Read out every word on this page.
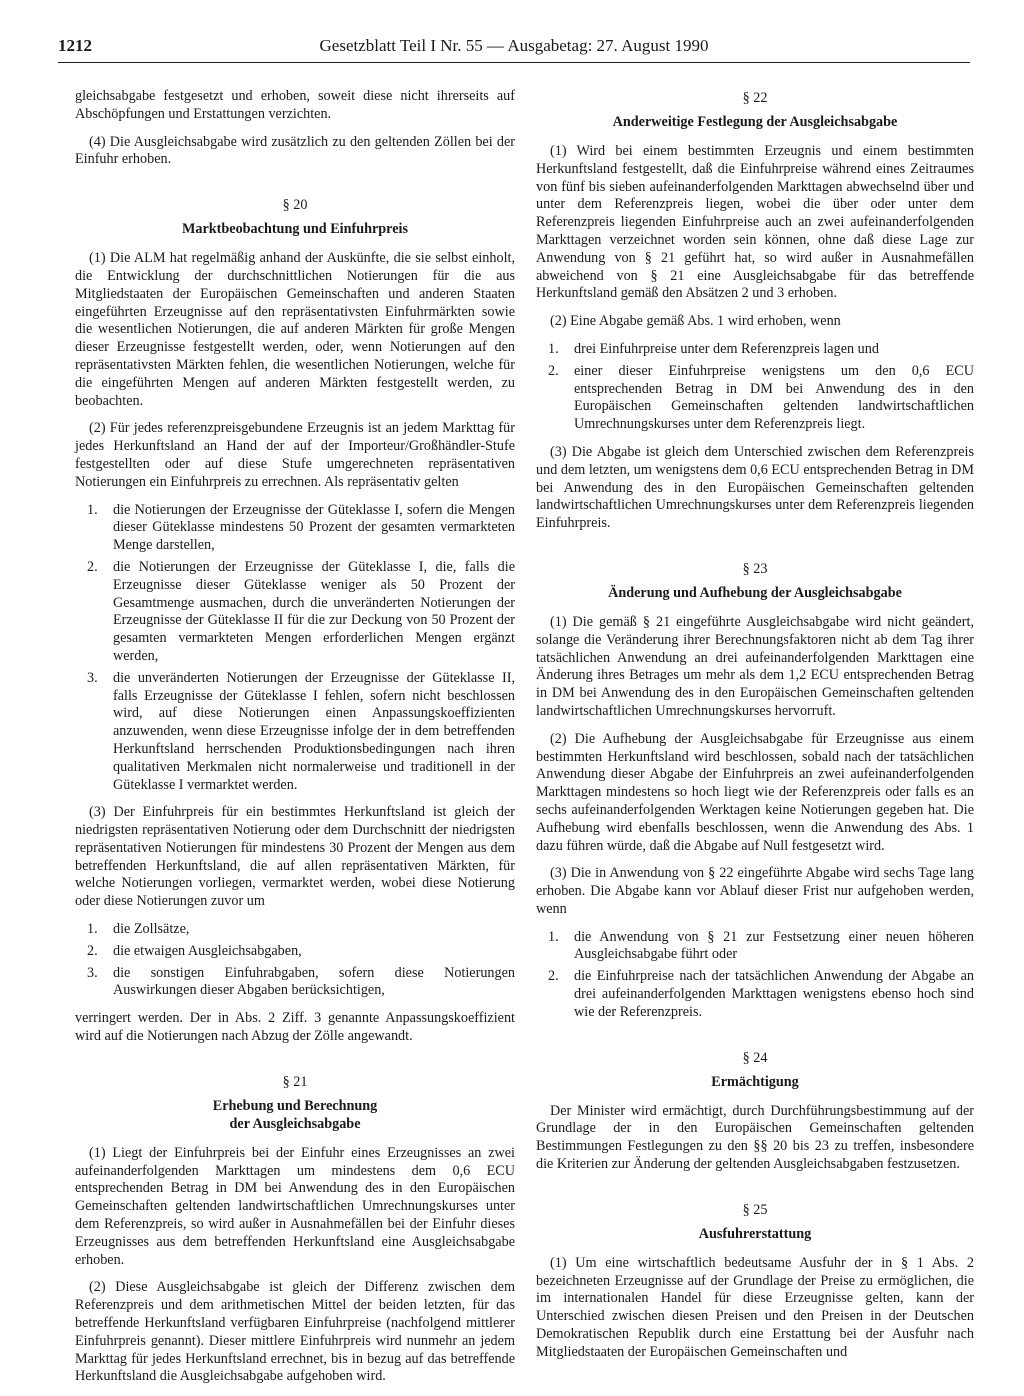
1212	Gesetzblatt Teil I Nr. 55 — Ausgabetag: 27. August 1990

gleichsabgabe festgesetzt und erhoben, soweit diese nicht ihrerseits auf Abschöpfungen und Erstattungen verzichten.

(4) Die Ausgleichsabgabe wird zusätzlich zu den geltenden Zöllen bei der Einfuhr erhoben.

§ 20
Marktbeobachtung und Einfuhrpreis

(1) Die ALM hat regelmäßig anhand der Auskünfte, die sie selbst einholt, die Entwicklung der durchschnittlichen Notierungen für die aus Mitgliedstaaten der Europäischen Gemeinschaften und anderen Staaten eingeführten Erzeugnisse auf den repräsentativsten Einfuhrmärkten sowie die wesentlichen Notierungen, die auf anderen Märkten für große Mengen dieser Erzeugnisse festgestellt werden, oder, wenn Notierungen auf den repräsentativsten Märkten fehlen, die wesentlichen Notierungen, welche für die eingeführten Mengen auf anderen Märkten festgestellt werden, zu beobachten.

(2) Für jedes referenzpreisgebundene Erzeugnis ist an jedem Markttag für jedes Herkunftsland an Hand der auf der Importeur/Großhändler-Stufe festgestellten oder auf diese Stufe umgerechneten repräsentativen Notierungen ein Einfuhrpreis zu errechnen. Als repräsentativ gelten

1. die Notierungen der Erzeugnisse der Güteklasse I, sofern die Mengen dieser Güteklasse mindestens 50 Prozent der gesamten vermarkteten Menge darstellen,
2. die Notierungen der Erzeugnisse der Güteklasse I, die, falls die Erzeugnisse dieser Güteklasse weniger als 50 Prozent der Gesamtmenge ausmachen, durch die unveränderten Notierungen der Erzeugnisse der Güteklasse II für die zur Deckung von 50 Prozent der gesamten vermarkteten Mengen erforderlichen Mengen ergänzt werden,
3. die unveränderten Notierungen der Erzeugnisse der Güteklasse II, falls Erzeugnisse der Güteklasse I fehlen, sofern nicht beschlossen wird, auf diese Notierungen einen Anpassungskoeffizienten anzuwenden, wenn diese Erzeugnisse infolge der in dem betreffenden Herkunftsland herrschenden Produktionsbedingungen nach ihren qualitativen Merkmalen nicht normalerweise und traditionell in der Güteklasse I vermarktet werden.

(3) Der Einfuhrpreis für ein bestimmtes Herkunftsland ist gleich der niedrigsten repräsentativen Notierung oder dem Durchschnitt der niedrigsten repräsentativen Notierungen für mindestens 30 Prozent der Mengen aus dem betreffenden Herkunftsland, die auf allen repräsentativen Märkten, für welche Notierungen vorliegen, vermarktet werden, wobei diese Notierung oder diese Notierungen zuvor um

1. die Zollsätze,
2. die etwaigen Ausgleichsabgaben,
3. die sonstigen Einfuhrabgaben, sofern diese Notierungen Auswirkungen dieser Abgaben berücksichtigen,

verringert werden. Der in Abs. 2 Ziff. 3 genannte Anpassungskoeffizient wird auf die Notierungen nach Abzug der Zölle angewandt.

§ 21
Erhebung und Berechnung
der Ausgleichsabgabe

(1) Liegt der Einfuhrpreis bei der Einfuhr eines Erzeugnisses an zwei aufeinanderfolgenden Markttagen um mindestens dem 0,6 ECU entsprechenden Betrag in DM bei Anwendung des in den Europäischen Gemeinschaften geltenden landwirtschaftlichen Umrechnungskurses unter dem Referenzpreis, so wird außer in Ausnahmefällen bei der Einfuhr dieses Erzeugnisses aus dem betreffenden Herkunftsland eine Ausgleichsabgabe erhoben.

(2) Diese Ausgleichsabgabe ist gleich der Differenz zwischen dem Referenzpreis und dem arithmetischen Mittel der beiden letzten, für das betreffende Herkunftsland verfügbaren Einfuhrpreise (nachfolgend mittlerer Einfuhrpreis genannt). Dieser mittlere Einfuhrpreis wird nunmehr an jedem Markttag für jedes Herkunftsland errechnet, bis in bezug auf das betreffende Herkunftsland die Ausgleichsabgabe aufgehoben wird.

§ 22
Anderweitige Festlegung der Ausgleichsabgabe

(1) Wird bei einem bestimmten Erzeugnis und einem bestimmten Herkunftsland festgestellt, daß die Einfuhrpreise während eines Zeitraumes von fünf bis sieben aufeinanderfolgenden Markttagen abwechselnd über und unter dem Referenzpreis liegen, wobei die über oder unter dem Referenzpreis liegenden Einfuhrpreise auch an zwei aufeinanderfolgenden Markttagen verzeichnet worden sein können, ohne daß diese Lage zur Anwendung von § 21 geführt hat, so wird außer in Ausnahmefällen abweichend von § 21 eine Ausgleichsabgabe für das betreffende Herkunftsland gemäß den Absätzen 2 und 3 erhoben.

(2) Eine Abgabe gemäß Abs. 1 wird erhoben, wenn

1. drei Einfuhrpreise unter dem Referenzpreis lagen und
2. einer dieser Einfuhrpreise wenigstens um den 0,6 ECU entsprechenden Betrag in DM bei Anwendung des in den Europäischen Gemeinschaften geltenden landwirtschaftlichen Umrechnungskurses unter dem Referenzpreis liegt.

(3) Die Abgabe ist gleich dem Unterschied zwischen dem Referenzpreis und dem letzten, um wenigstens dem 0,6 ECU entsprechenden Betrag in DM bei Anwendung des in den Europäischen Gemeinschaften geltenden landwirtschaftlichen Umrechnungskurses unter dem Referenzpreis liegenden Einfuhrpreis.

§ 23
Änderung und Aufhebung der Ausgleichsabgabe

(1) Die gemäß § 21 eingeführte Ausgleichsabgabe wird nicht geändert, solange die Veränderung ihrer Berechnungsfaktoren nicht ab dem Tag ihrer tatsächlichen Anwendung an drei aufeinanderfolgenden Markttagen eine Änderung ihres Betrages um mehr als dem 1,2 ECU entsprechenden Betrag in DM bei Anwendung des in den Europäischen Gemeinschaften geltenden landwirtschaftlichen Umrechnungskurses hervorruft.

(2) Die Aufhebung der Ausgleichsabgabe für Erzeugnisse aus einem bestimmten Herkunftsland wird beschlossen, sobald nach der tatsächlichen Anwendung dieser Abgabe der Einfuhrpreis an zwei aufeinanderfolgenden Markttagen mindestens so hoch liegt wie der Referenzpreis oder falls es an sechs aufeinanderfolgenden Werktagen keine Notierungen gegeben hat. Die Aufhebung wird ebenfalls beschlossen, wenn die Anwendung des Abs. 1 dazu führen würde, daß die Abgabe auf Null festgesetzt wird.

(3) Die in Anwendung von § 22 eingeführte Abgabe wird sechs Tage lang erhoben. Die Abgabe kann vor Ablauf dieser Frist nur aufgehoben werden, wenn

1. die Anwendung von § 21 zur Festsetzung einer neuen höheren Ausgleichsabgabe führt oder
2. die Einfuhrpreise nach der tatsächlichen Anwendung der Abgabe an drei aufeinanderfolgenden Markttagen wenigstens ebenso hoch sind wie der Referenzpreis.
§ 24
Ermächtigung

Der Minister wird ermächtigt, durch Durchführungsbestimmung auf der Grundlage der in den Europäischen Gemeinschaften geltenden Bestimmungen Festlegungen zu den §§ 20 bis 23 zu treffen, insbesondere die Kriterien zur Änderung der geltenden Ausgleichsabgaben festzusetzen.

§ 25
Ausfuhrerstattung

(1) Um eine wirtschaftlich bedeutsame Ausfuhr der in § 1 Abs. 2 bezeichneten Erzeugnisse auf der Grundlage der Preise zu ermöglichen, die im internationalen Handel für diese Erzeugnisse gelten, kann der Unterschied zwischen diesen Preisen und den Preisen in der Deutschen Demokratischen Republik durch eine Erstattung bei der Ausfuhr nach Mitgliedstaaten der Europäischen Gemeinschaften und
